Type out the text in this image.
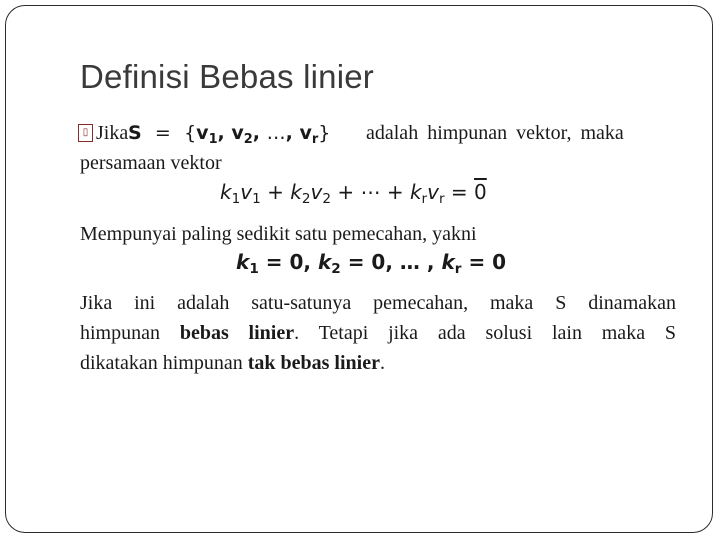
Definisi Bebas linier
▯ Jika $S = \{v_1$, $v_2$, …, $v_r$} adalah himpunan vektor, maka
persamaan vektor
$k_1v_1 + k_2v_2$ + ⋯ + $k_rv_r = 0$
Mempunyai paling sedikit satu pemecahan, yakni
$k_1 = 0$, $k_2 = 0$, … , $k_r = 0$
Jika ini adalah satu-satunya pemecahan, maka S dinamakan
himpunan bebas linier. Tetapi jika ada solusi lain maka S
dikatakan himpunan tak bebas linier.
